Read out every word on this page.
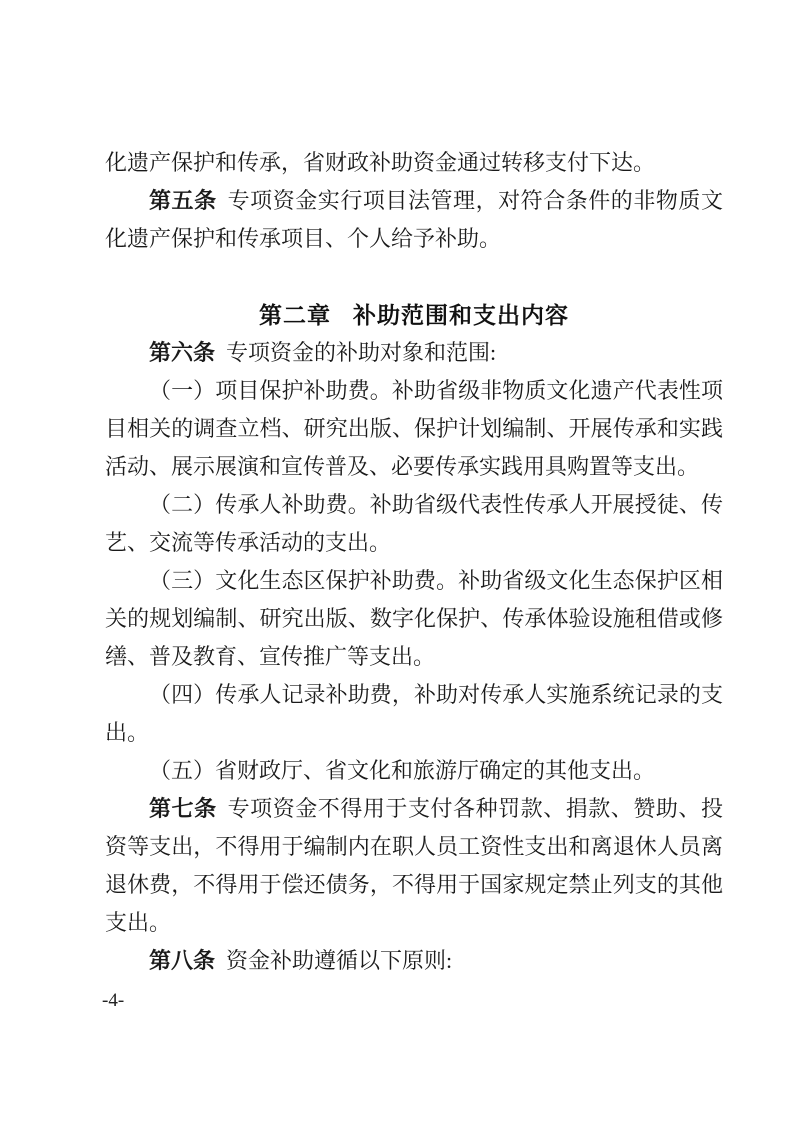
化遗产保护和传承，省财政补助资金通过转移支付下达。

第五条 专项资金实行项目法管理，对符合条件的非物质文化遗产保护和传承项目、个人给予补助。

第二章 补助范围和支出内容

第六条 专项资金的补助对象和范围:

（一）项目保护补助费。补助省级非物质文化遗产代表性项目相关的调查立档、研究出版、保护计划编制、开展传承和实践活动、展示展演和宣传普及、必要传承实践用具购置等支出。

（二）传承人补助费。补助省级代表性传承人开展授徒、传艺、交流等传承活动的支出。

（三）文化生态区保护补助费。补助省级文化生态保护区相关的规划编制、研究出版、数字化保护、传承体验设施租借或修缮、普及教育、宣传推广等支出。

（四）传承人记录补助费，补助对传承人实施系统记录的支出。

（五）省财政厅、省文化和旅游厅确定的其他支出。

第七条 专项资金不得用于支付各种罚款、捐款、赞助、投资等支出，不得用于编制内在职人员工资性支出和离退休人员离退休费，不得用于偿还债务，不得用于国家规定禁止列支的其他支出。

第八条 资金补助遵循以下原则:

-4-
